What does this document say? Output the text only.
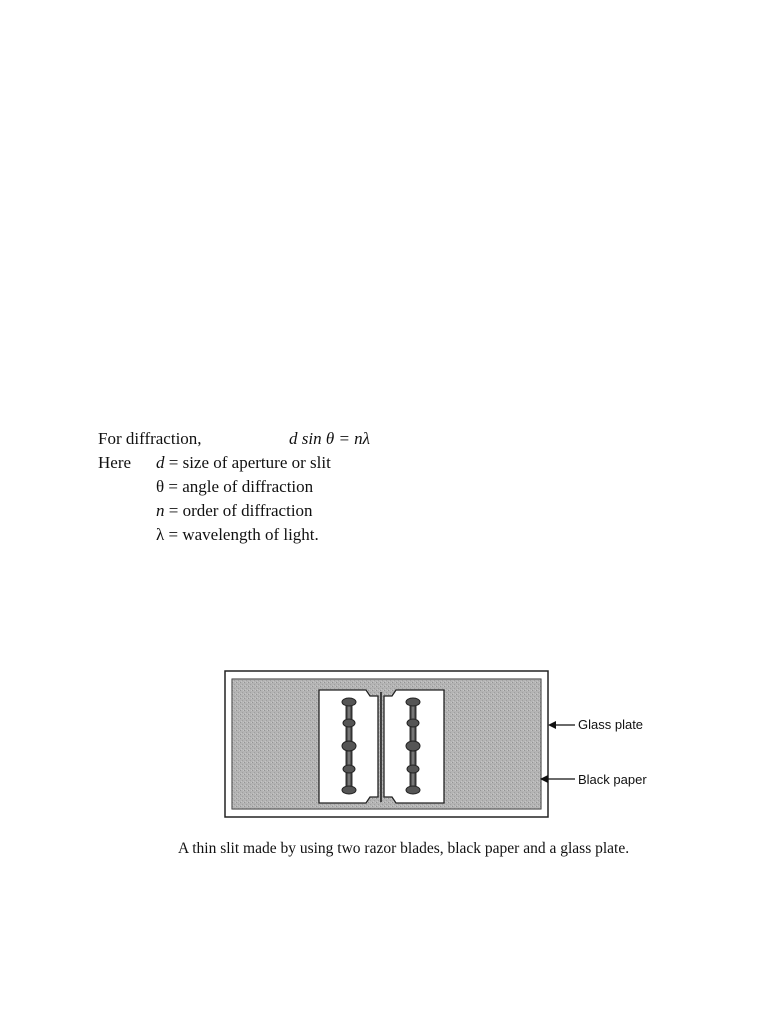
For diffraction,	d sin θ = nλ
Here d = size of aperture or slit
θ = angle of diffraction
n = order of diffraction
λ = wavelength of light.
Glass plate
Black paper
A thin slit made by using two razor blades, black paper and a glass plate.
